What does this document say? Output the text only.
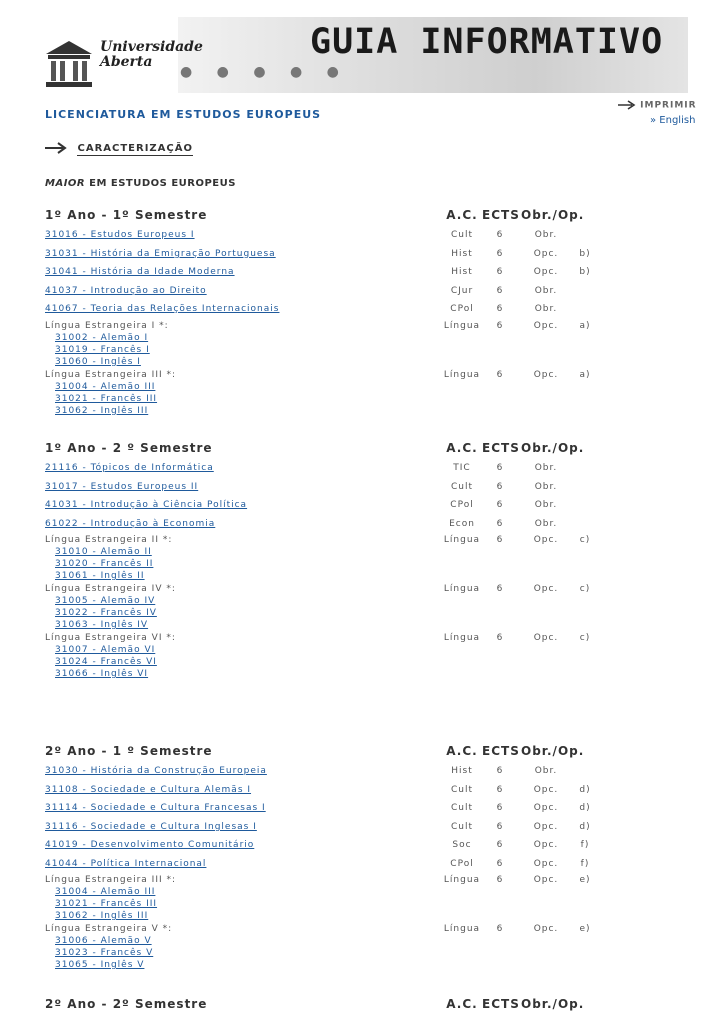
GUIA INFORMATIVO
● ● ● ● ●
Universidade
Aberta
LICENCIATURA EM ESTUDOS EUROPEUS
IMPRIMIR
» English
CARACTERIZAÇÃO
MAIOR EM ESTUDOS EUROPEUS
1º Ano - 1º Semestre	A.C. ECTS Obr./Op.
31016 - Estudos Europeus I	Cult	6	Obr.
31031 - História da Emigração Portuguesa	Hist	6	Opc.	b)
31041 - História da Idade Moderna	Hist	6	Opc.	b)
41037 - Introdução ao Direito	CJur	6	Obr.
41067 - Teoria das Relações Internacionais	CPol	6	Obr.
Língua Estrangeira I *:	Língua	6	Opc.	a)
31002 - Alemão I
31019 - Francês I
31060 - Inglês I
Língua Estrangeira III *:	Língua	6	Opc.	a)
31004 - Alemão III
31021 - Francês III
31062 - Inglês III
1º Ano - 2 º Semestre	A.C. ECTS Obr./Op.
21116 - Tópicos de Informática	TIC	6	Obr.
31017 - Estudos Europeus II	Cult	6	Obr.
41031 - Introdução à Ciência Política	CPol	6	Obr.
61022 - Introdução à Economia	Econ	6	Obr.
Língua Estrangeira II *:	Língua	6	Opc.	c)
31010 - Alemão II
31020 - Francês II
31061 - Inglês II
Língua Estrangeira IV *:	Língua	6	Opc.	c)
31005 - Alemão IV
31022 - Francês IV
31063 - Inglês IV
Língua Estrangeira VI *:	Língua	6	Opc.	c)
31007 - Alemão VI
31024 - Francês VI
31066 - Inglês VI
2º Ano - 1 º Semestre	A.C. ECTS Obr./Op.
31030 - História da Construção Europeia	Hist	6	Obr.
31108 - Sociedade e Cultura Alemãs I	Cult	6	Opc.	d)
31114 - Sociedade e Cultura Francesas I	Cult	6	Opc.	d)
31116 - Sociedade e Cultura Inglesas I	Cult	6	Opc.	d)
41019 - Desenvolvimento Comunitário	Soc	6	Opc.	f)
41044 - Política Internacional	CPol	6	Opc.	f)
Língua Estrangeira III *:	Língua	6	Opc.	e)
31004 - Alemão III
31021 - Francês III
31062 - Inglês III
Língua Estrangeira V *:	Língua	6	Opc.	e)
31006 - Alemão V
31023 - Francês V
31065 - Inglês V
2º Ano - 2º Semestre	A.C. ECTS Obr./Op.
